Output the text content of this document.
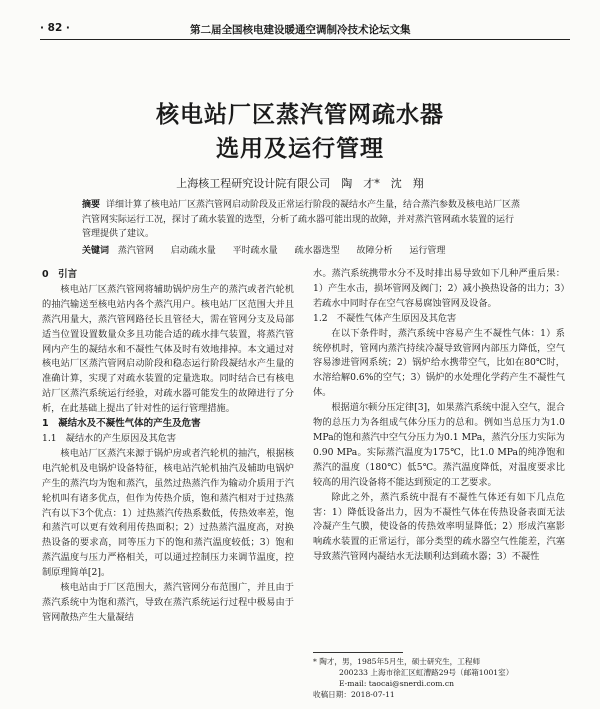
· 82 ·	第二届全国核电建设暖通空调制冷技术论坛文集
核电站厂区蒸汽管网疏水器
选用及运行管理
上海核工程研究设计院有限公司　陶　才*　沈　翔
摘要 详细计算了核电站厂区蒸汽管网启动阶段及正常运行阶段的凝结水产生量，结合蒸汽参数及核电站厂区蒸汽管网实际运行工况，探讨了疏水装置的选型，分析了疏水器可能出现的故障，并对蒸汽管网疏水装置的运行管理提供了建议。
关键词 蒸汽管网 启动疏水量 平时疏水量 疏水器选型 故障分析 运行管理
0　引言

核电站厂区蒸汽管网将辅助锅炉房生产的蒸汽或者汽轮机的抽汽输送至核电站内各个蒸汽用户。核电站厂区范围大并且蒸汽用量大，蒸汽管网路径长且管径大，需在管网分支及局部适当位置设置数量众多且功能合适的疏水排气装置，将蒸汽管网内产生的凝结水和不凝性气体及时有效地排掉。本文通过对核电站厂区蒸汽管网启动阶段和稳态运行阶段凝结水产生量的准确计算，实现了对疏水装置的定量选取。同时结合已有核电站厂区蒸汽系统运行经验，对疏水器可能发生的故障进行了分析，在此基础上提出了针对性的运行管理措施。

1　凝结水及不凝性气体的产生及危害
1.1　凝结水的产生原因及其危害

核电站厂区蒸汽来源于锅炉房或者汽轮机的抽汽，根据核电汽轮机及电锅炉设备特征，核电站汽轮机抽汽及辅助电锅炉产生的蒸汽均为饱和蒸汽，虽然过热蒸汽作为输动介质用于汽轮机叫有诸多优点，但作为传热介质，饱和蒸汽相对于过热蒸汽有以下3个优点：1）过热蒸汽传热系数低，传热效率差，饱和蒸汽可以更有效利用传热面积；2）过热蒸汽温度高，对换热设备的要求高，同等压力下的饱和蒸汽温度较低；3）饱和蒸汽温度与压力严格相关，可以通过控制压力来调节温度，控制原理简单[2]。

核电站由于厂区范围大，蒸汽管网分布范围广，并且由于蒸汽系统中为饱和蒸汽，导致在蒸汽系统运行过程中极易由于管网散热产生大量凝结

水。蒸汽系统携带水分不及时排出易导致如下几种严重后果：1）产生水击，损坏管网及阀门；2）减小换热设备的出力；3）若疏水中同时存在空气容易腐蚀管网及设备。

1.2　不凝性气体产生原因及其危害

在以下条件时，蒸汽系统中容易产生不凝性气体：1）系统停机时，管网内蒸汽持续冷凝导致管网内部压力降低，空气容易渗进管网系统；2）锅炉给水携带空气，比如在80℃时，水溶给解0.6%的空气；3）锅炉的水处理化学药产生不凝性气体。

根据道尔顿分压定律[3]，如果蒸汽系统中混入空气，混合物的总压力为各组成气体分压力的总和。例如当总压力为1.0 MPa的饱和蒸汽中空气分压力为0.1 MPa，蒸汽分压力实际为0.90 MPa。实际蒸汽温度为175℃，比1.0 MPa的纯净饱和蒸汽的温度（180℃）低5℃。蒸汽温度降低，对温度要求比较高的用汽设备将不能达到预定的工艺要求。

除此之外，蒸汽系统中混有不凝性气体还有如下几点危害：1）降低设备出力，因为不凝性气体在传热设备表面无法冷凝产生气膜，使设备的传热效率明显降低；2）形成汽塞影响疏水装置的正常运行，部分类型的疏水器空气性能差，汽塞导致蒸汽管网内凝结水无法顺利达到疏水器；3）不凝性

* 陶才，男，1985年5月生，硕士研究生，工程师
200233 上海市徐汇区虹漕路29号（邮箱1001室）
E-mail: taocai@snerdi.com.cn
收稿日期：2018-07-11
